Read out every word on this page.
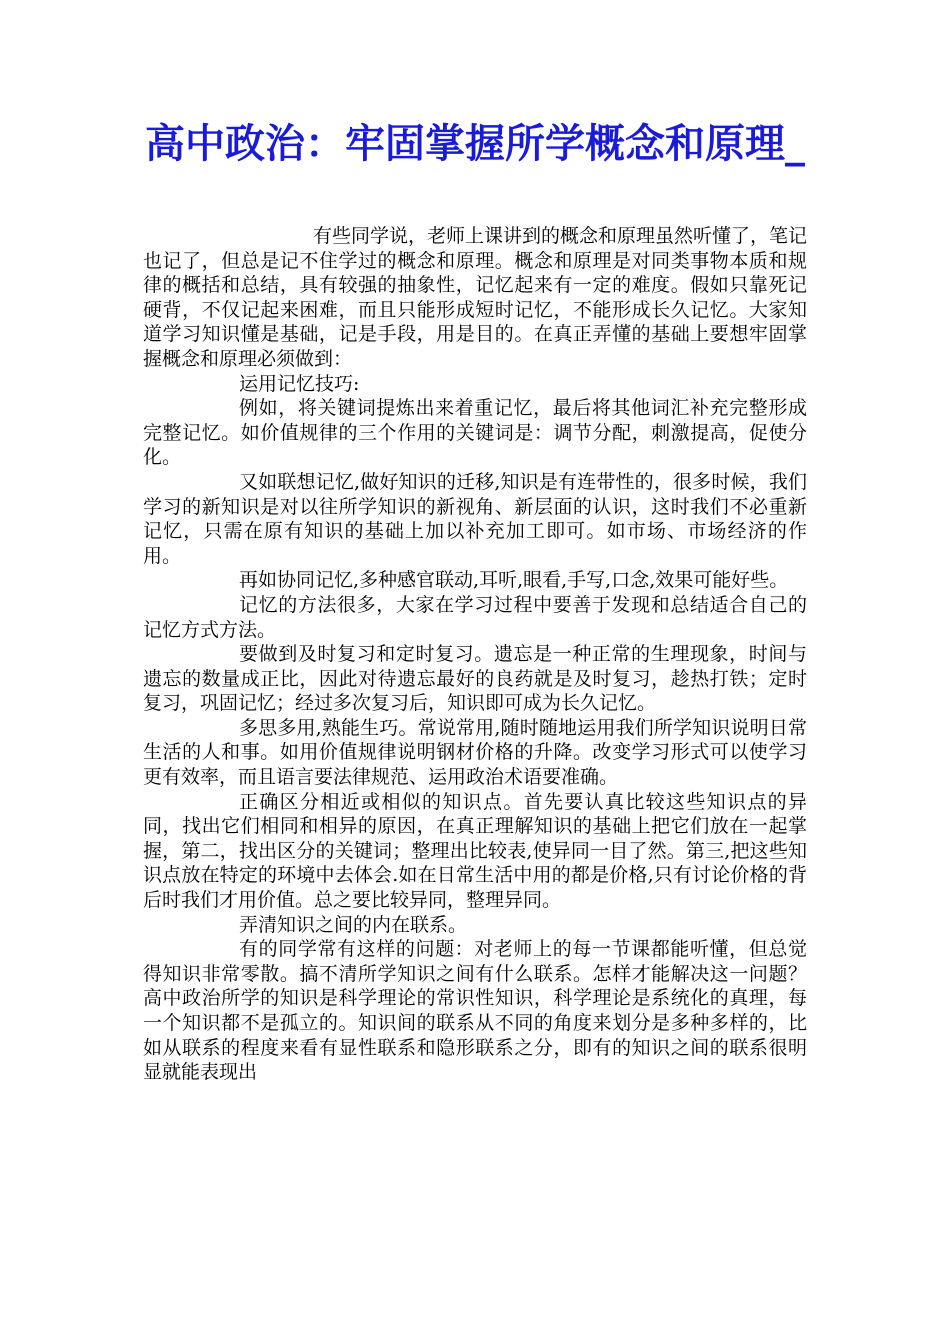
高中政治：牢固掌握所学概念和原理_

有些同学说，老师上课讲到的概念和原理虽然听懂了，笔记也记了，但总是记不住学过的概念和原理。概念和原理是对同类事物本质和规律的概括和总结，具有较强的抽象性，记忆起来有一定的难度。假如只靠死记硬背，不仅记起来困难，而且只能形成短时记忆，不能形成长久记忆。大家知道学习知识懂是基础，记是手段，用是目的。在真正弄懂的基础上要想牢固掌握概念和原理必须做到：

运用记忆技巧:

例如，将关键词提炼出来着重记忆，最后将其他词汇补充完整形成完整记忆。如价值规律的三个作用的关键词是：调节分配，刺激提高，促使分化。

又如联想记忆,做好知识的迁移,知识是有连带性的，很多时候，我们学习的新知识是对以往所学知识的新视角、新层面的认识，这时我们不必重新记忆，只需在原有知识的基础上加以补充加工即可。如市场、市场经济的作用。

再如协同记忆,多种感官联动,耳听,眼看,手写,口念,效果可能好些。

记忆的方法很多，大家在学习过程中要善于发现和总结适合自己的记忆方式方法。

要做到及时复习和定时复习。遗忘是一种正常的生理现象，时间与遗忘的数量成正比，因此对待遗忘最好的良药就是及时复习，趁热打铁；定时复习，巩固记忆；经过多次复习后，知识即可成为长久记忆。

多思多用,熟能生巧。常说常用,随时随地运用我们所学知识说明日常生活的人和事。如用价值规律说明钢材价格的升降。改变学习形式可以使学习更有效率，而且语言要法律规范、运用政治术语要准确。

正确区分相近或相似的知识点。首先要认真比较这些知识点的异同，找出它们相同和相异的原因，在真正理解知识的基础上把它们放在一起掌握，第二，找出区分的关键词；整理出比较表,使异同一目了然。第三,把这些知识点放在特定的环境中去体会.如在日常生活中用的都是价格,只有讨论价格的背后时我们才用价值。总之要比较异同，整理异同。

弄清知识之间的内在联系。

有的同学常有这样的问题：对老师上的每一节课都能听懂，但总觉得知识非常零散。搞不清所学知识之间有什么联系。怎样才能解决这一问题？高中政治所学的知识是科学理论的常识性知识，科学理论是系统化的真理，每一个知识都不是孤立的。知识间的联系从不同的角度来划分是多种多样的，比如从联系的程度来看有显性联系和隐形联系之分，即有的知识之间的联系很明显就能表现出
